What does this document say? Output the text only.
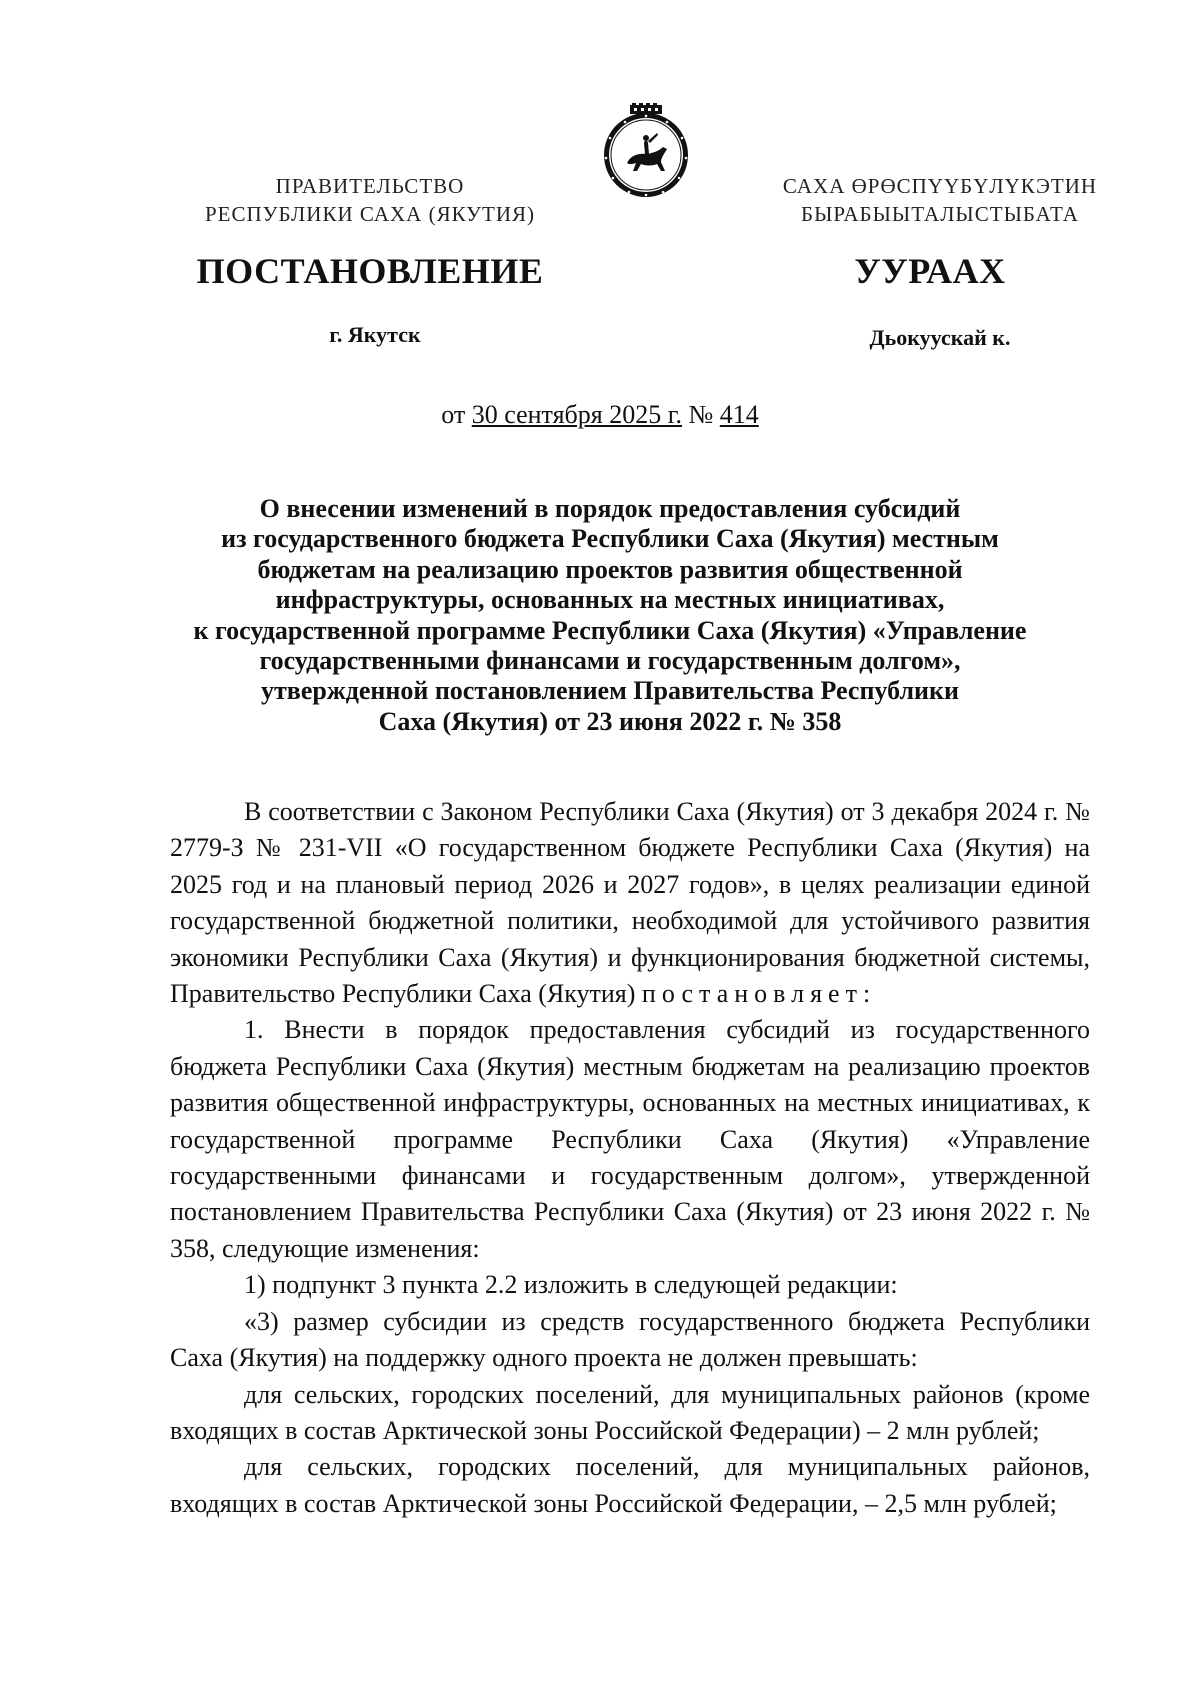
ПРАВИТЕЛЬСТВО
РЕСПУБЛИКИ САХА (ЯКУТИЯ)
САХА ӨРӨСПҮҮБҮЛҮКЭТИН
БЫРАБЫЫТАЛЫСТЫБАТА
ПОСТАНОВЛЕНИЕ	УУРААХ
г. Якутск	Дьокуускай к.
от 30 сентября 2025 г. № 414
О внесении изменений в порядок предоставления субсидий
из государственного бюджета Республики Саха (Якутия) местным
бюджетам на реализацию проектов развития общественной
инфраструктуры, основанных на местных инициативах,
к государственной программе Республики Саха (Якутия) «Управление
государственными финансами и государственным долгом»,
утвержденной постановлением Правительства Республики
Саха (Якутия) от 23 июня 2022 г. № 358

В соответствии с Законом Республики Саха (Якутия) от 3 декабря 2024 г. № 2779-З № 231-VII «О государственном бюджете Республики Саха (Якутия) на 2025 год и на плановый период 2026 и 2027 годов», в целях реализации единой государственной бюджетной политики, необходимой для устойчивого развития экономики Республики Саха (Якутия) и функционирования бюджетной системы, Правительство Республики Саха (Якутия) постановляет:

1. Внести в порядок предоставления субсидий из государственного бюджета Республики Саха (Якутия) местным бюджетам на реализацию проектов развития общественной инфраструктуры, основанных на местных инициативах, к государственной программе Республики Саха (Якутия) «Управление государственными финансами и государственным долгом», утвержденной постановлением Правительства Республики Саха (Якутия) от 23 июня 2022 г. № 358, следующие изменения:

1) подпункт 3 пункта 2.2 изложить в следующей редакции:

«3) размер субсидии из средств государственного бюджета Республики Саха (Якутия) на поддержку одного проекта не должен превышать:

для сельских, городских поселений, для муниципальных районов (кроме входящих в состав Арктической зоны Российской Федерации) – 2 млн рублей;

для сельских, городских поселений, для муниципальных районов, входящих в состав Арктической зоны Российской Федерации, – 2,5 млн рублей;
